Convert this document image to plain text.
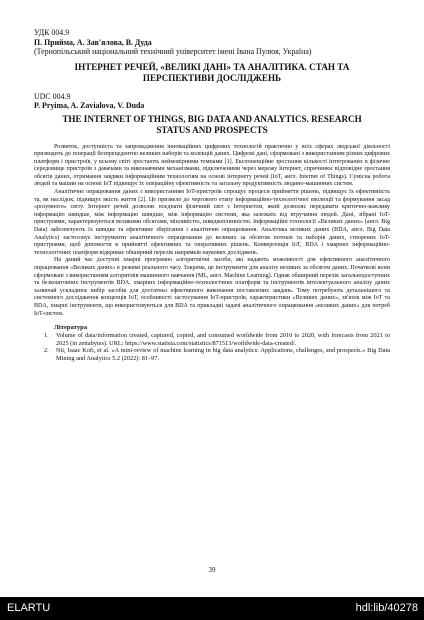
УДК 004.9
П. Прийма, А. Зав'ялова, В. Дуда
(Тернопільський національний технічний університет імені Івана Пулюя, Україна)
ІНТЕРНЕТ РЕЧЕЙ, «ВЕЛИКІ ДАНІ» ТА АНАЛІТИКА. СТАН ТА
ПЕРСПЕКТИВИ ДОСЛІДЖЕНЬ
UDC 004.9
P. Pryima, A. Zavialova, V. Duda
THE INTERNET OF THINGS, BIG DATA AND ANALYTICS. RESEARCH
STATUS AND PROSPECTS

Розвиток, доступність та запровадження інноваційних цифрових технологій практично у всіх сферах людської діяльності призводить до генерації безпрецедентно великих наборів та колекцій даних. Цифрові дані, сформовані з використанням різних цифрових платформ і пристроїв, у всьому світі зростають неймовірними темпами [1]. Експоненційне зростання кількості інтегрованих в фізичне середовище пристроїв з давачами та виконавчими механізмами, підключеними через мережу Інтернет, спричинює відповідне зростання обсягів даних, отримання завдяки інформаційним технологіям на основі інтернету речей (IoT, англ. Internet of Things). Сумісна робота людей та машин на основі IoT підвищує їх операційну ефективність та загальну продуктивність людино-машинних систем.

Аналітичне опрацювання даних з використанням IoT-пристроїв спрощує процеси прийняття рішень, підвищує їх ефективність та, як наслідок, підвищує якість життя [2]. Це призвело до чергового етапу інформаційно-технологічної еволюції та формування засад «розумного» світу. Інтернет речей дозволяє поєднати фізичний світ з Інтернетом, який дозволяє передавати критично-важливу інформацію швидше, між інформацію швидше, між інформацію системи, яка залежать від втручання людей. Дані, зібрані IoT-пристроями, характеризуються великими обсягами, мінливістю, швидкоплинністю. Інформаційні технології «Великих даних» (англ. Big Data) забезпечують їх швидке та ефективне зберігання і аналітичне опрацювання. Аналітика великих даних (BDA, англ. Big Data Analytics) застосовує інструменти аналітичного опрацювання до великих за обсягом потоків та наборів даних, створених IoT-пристроями, щоб допомогти в прийнятті ефективних та оперативних рішень. Конвергенція IoT, BDA і хмарних інформаційно-технологічних платформ відкриває обширний перелік напрямків наукових досліджень.

На даний час доступні хмарні програмно алгоритмічні засоби, які надають можливості для ефективного аналітичного опрацювання «Великих даних» в режимі реального часу. Зокрема, це інструменти для аналізу великих за обсягом даних. Початкові вони сформовані з використанням алгоритмів машинного навчання (ML, англ. Machine Learning). Однак обширний перелік загальнодоступних та безкоштовних інструментів BDA, хмарних інформаційно-технологічних платформ та інструментів інтелектуального аналізу даних зазвичай ускладнює вибір засобів для достатньо ефективного виконання поставлених завдань. Тому потребують детальнішого та системного дослідження концепція IoT, особливості застосування IoT-пристроїв, характеристики «Великих даних», зв'язок між IoT та BDA, хмарні інструменти, що використовуються для BDA та прикладні задачі аналітичного опрацювання «великих даних» для потреб IoT-систем.

Література
1. Volume of data/information created, captured, copied, and consumed worldwide from 2010 to 2020, with forecasts from 2021 to 2025 (in zettabytes). URL: https://www.statista.com/statistics/871513/worldwide-data-created/.
2. Nti, Isaac Kofi, et al. «A mini-review of machine learning in big data analytics: Applications, challenges, and prospects.» Big Data Mining and Analytics 5.2 (2022): 81–97.
39
ELARTU	hdl:lib/40278
